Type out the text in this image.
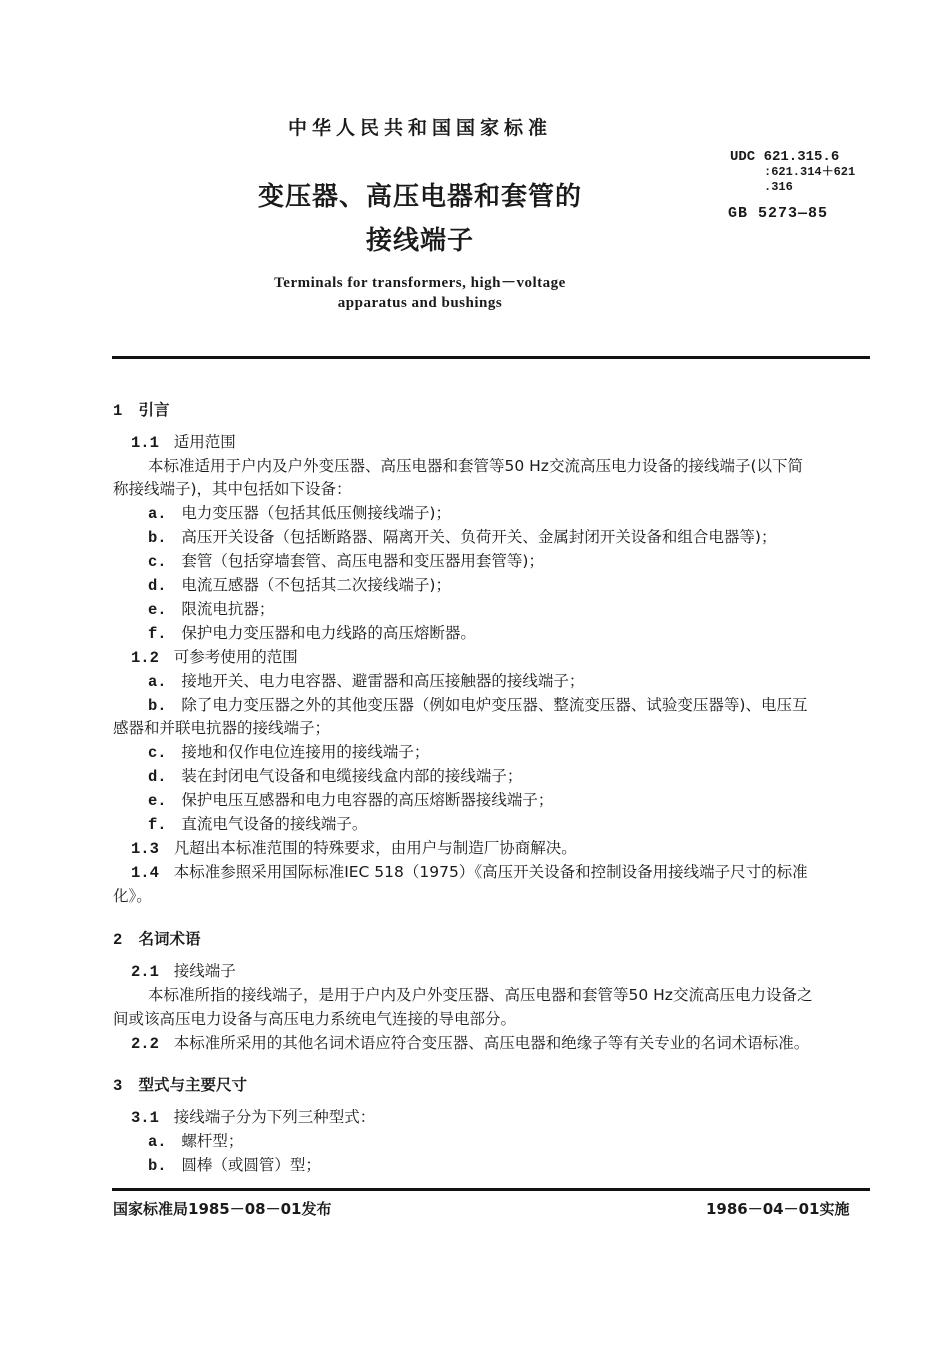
中华人民共和国国家标准
变压器、高压电器和套管的
接线端子
Terminals for transformers, high－voltage
apparatus and bushings
UDC 621.315.6
:621.314＋621
.316
GB 5273—85
1 引言
1.1 适用范围
本标准适用于户内及户外变压器、高压电器和套管等50 Hz交流高压电力设备的接线端子(以下简
称接线端子)，其中包括如下设备：
a. 电力变压器（包括其低压侧接线端子)；
b. 高压开关设备（包括断路器、隔离开关、负荷开关、金属封闭开关设备和组合电器等)；
c. 套管（包括穿墙套管、高压电器和变压器用套管等)；
d. 电流互感器（不包括其二次接线端子)；
e. 限流电抗器；
f. 保护电力变压器和电力线路的高压熔断器。
1.2 可参考使用的范围
a. 接地开关、电力电容器、避雷器和高压接触器的接线端子；
b. 除了电力变压器之外的其他变压器（例如电炉变压器、整流变压器、试验变压器等)、电压互
感器和并联电抗器的接线端子；
c. 接地和仅作电位连接用的接线端子；
d. 装在封闭电气设备和电缆接线盒内部的接线端子；
e. 保护电压互感器和电力电容器的高压熔断器接线端子；
f. 直流电气设备的接线端子。
1.3 凡超出本标准范围的特殊要求，由用户与制造厂协商解决。
1.4 本标准参照采用国际标准IEC 518（1975）《高压开关设备和控制设备用接线端子尺寸的标准
化》。
2 名词术语
2.1 接线端子
本标准所指的接线端子，是用于户内及户外变压器、高压电器和套管等50 Hz交流高压电力设备之
间或该高压电力设备与高压电力系统电气连接的导电部分。
2.2 本标准所采用的其他名词术语应符合变压器、高压电器和绝缘子等有关专业的名词术语标准。
3 型式与主要尺寸
3.1 接线端子分为下列三种型式：
a. 螺杆型；
b. 圆棒（或圆管）型；
国家标准局1985－08－01发布	1986－04－01实施
